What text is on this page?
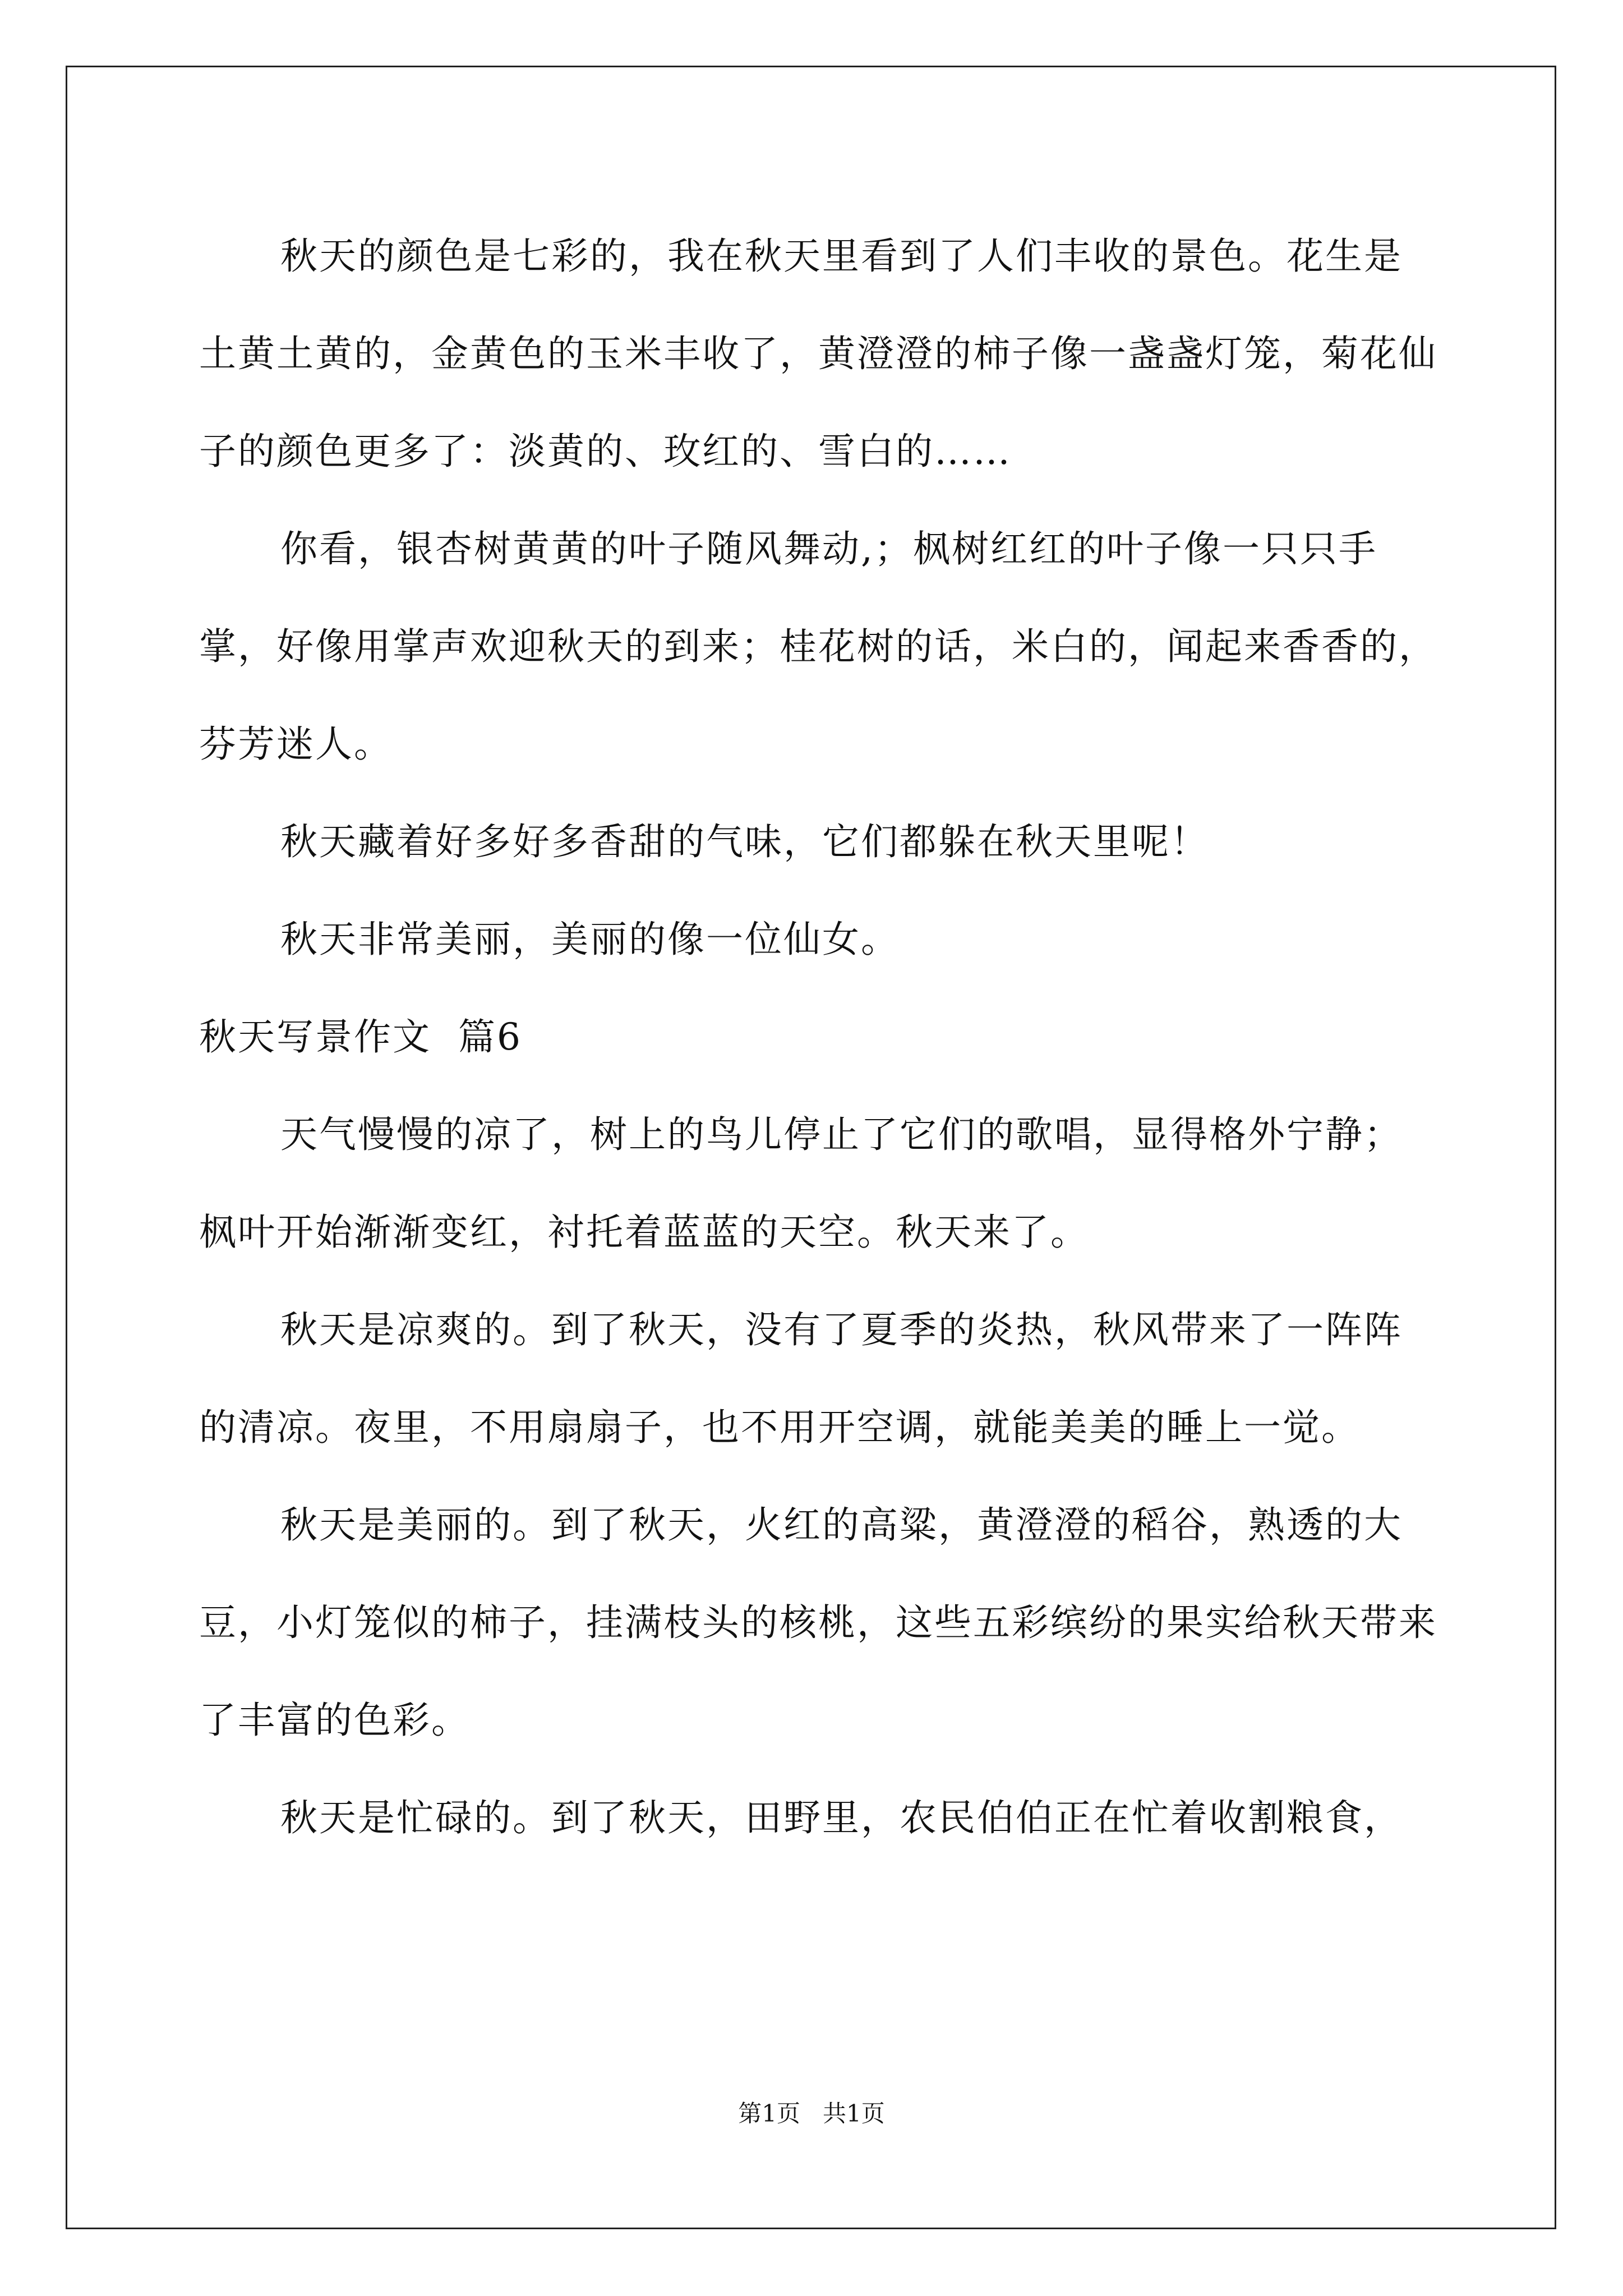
秋天的颜色是七彩的，我在秋天里看到了人们丰收的景色。花生是土黄土黄的，金黄色的玉米丰收了，黄澄澄的柿子像一盏盏灯笼，菊花仙子的颜色更多了：淡黄的、玫红的、雪白的……

你看，银杏树黄黄的叶子随风舞动,；枫树红红的叶子像一只只手掌，好像用掌声欢迎秋天的到来；桂花树的话，米白的，闻起来香香的，芬芳迷人。

秋天藏着好多好多香甜的气味，它们都躲在秋天里呢！

秋天非常美丽，美丽的像一位仙女。

秋天写景作文  篇6

天气慢慢的凉了，树上的鸟儿停止了它们的歌唱，显得格外宁静；枫叶开始渐渐变红，衬托着蓝蓝的天空。秋天来了。

秋天是凉爽的。到了秋天，没有了夏季的炎热，秋风带来了一阵阵的清凉。夜里，不用扇扇子，也不用开空调，就能美美的睡上一觉。

秋天是美丽的。到了秋天，火红的高粱，黄澄澄的稻谷，熟透的大豆，小灯笼似的柿子，挂满枝头的核桃，这些五彩缤纷的果实给秋天带来了丰富的色彩。

秋天是忙碌的。到了秋天，田野里，农民伯伯正在忙着收割粮食，

第1页   共1页
